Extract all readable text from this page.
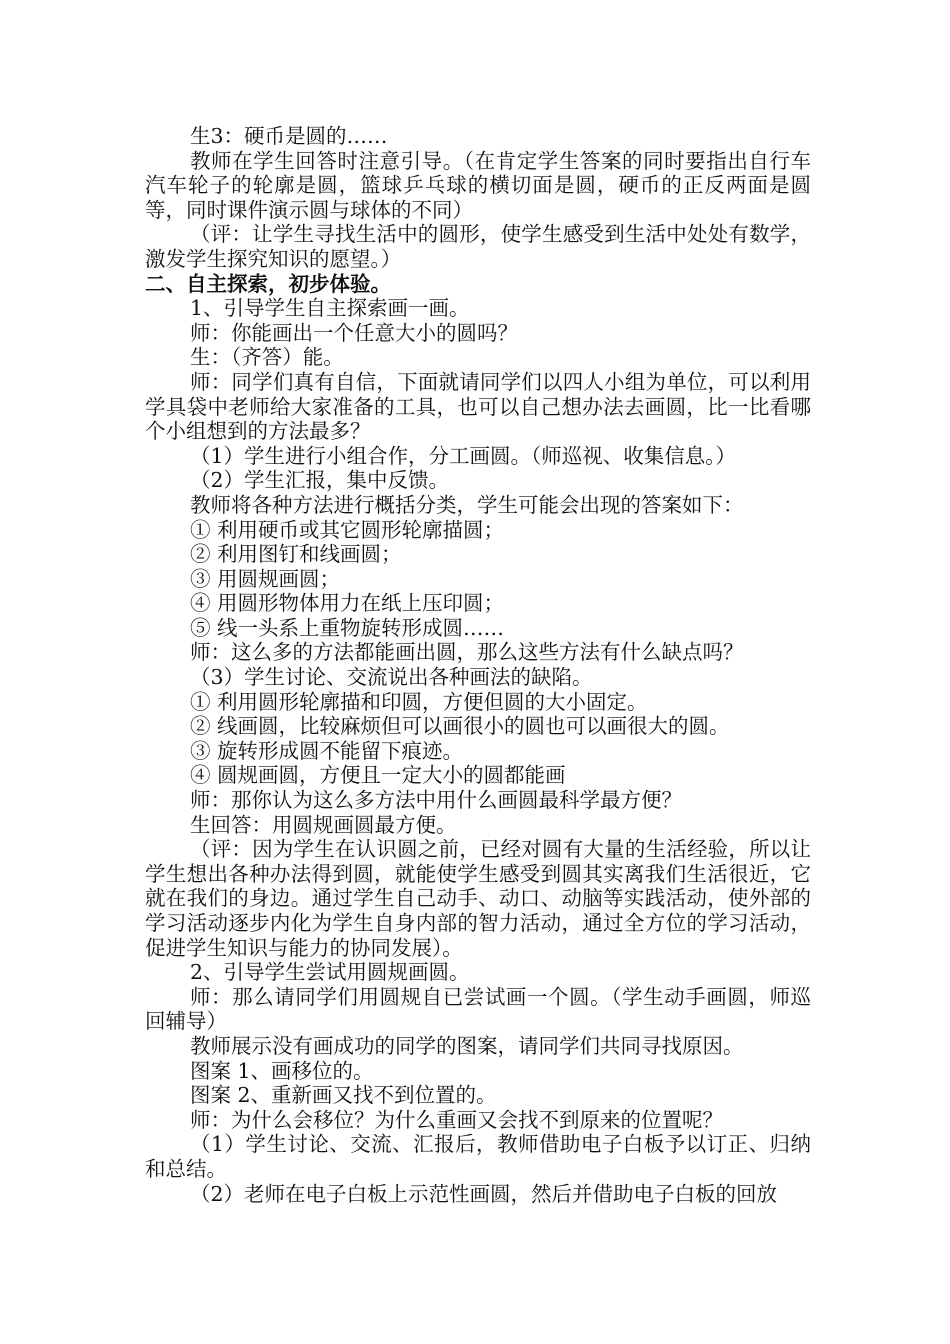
生3：硬币是圆的……

教师在学生回答时注意引导。（在肯定学生答案的同时要指出自行车汽车轮子的轮廓是圆，篮球乒乓球的横切面是圆，硬币的正反两面是圆等，同时课件演示圆与球体的不同）

（评：让学生寻找生活中的圆形，使学生感受到生活中处处有数学，激发学生探究知识的愿望。）

二、自主探索，初步体验。

1、引导学生自主探索画一画。

师：你能画出一个任意大小的圆吗？

生：（齐答）能。

师：同学们真有自信，下面就请同学们以四人小组为单位，可以利用学具袋中老师给大家准备的工具，也可以自己想办法去画圆，比一比看哪个小组想到的方法最多？

（1）学生进行小组合作，分工画圆。（师巡视、收集信息。）

（2）学生汇报，集中反馈。

教师将各种方法进行概括分类，学生可能会出现的答案如下：

① 利用硬币或其它圆形轮廓描圆；

② 利用图钉和线画圆；

③ 用圆规画圆；

④ 用圆形物体用力在纸上压印圆；

⑤ 线一头系上重物旋转形成圆……

师：这么多的方法都能画出圆，那么这些方法有什么缺点吗？

（3）学生讨论、交流说出各种画法的缺陷。

① 利用圆形轮廓描和印圆，方便但圆的大小固定。

② 线画圆，比较麻烦但可以画很小的圆也可以画很大的圆。

③ 旋转形成圆不能留下痕迹。

④ 圆规画圆，方便且一定大小的圆都能画

师：那你认为这么多方法中用什么画圆最科学最方便？

生回答：用圆规画圆最方便。

（评：因为学生在认识圆之前，已经对圆有大量的生活经验，所以让学生想出各种办法得到圆，就能使学生感受到圆其实离我们生活很近，它就在我们的身边。通过学生自己动手、动口、动脑等实践活动，使外部的学习活动逐步内化为学生自身内部的智力活动，通过全方位的学习活动，促进学生知识与能力的协同发展）。

2、引导学生尝试用圆规画圆。

师：那么请同学们用圆规自已尝试画一个圆。（学生动手画圆，师巡回辅导）

教师展示没有画成功的同学的图案，请同学们共同寻找原因。

图案 1、画移位的。

图案 2、重新画又找不到位置的。

师：为什么会移位？为什么重画又会找不到原来的位置呢？

（1）学生讨论、交流、汇报后，教师借助电子白板予以订正、归纳和总结。

（2）老师在电子白板上示范性画圆，然后并借助电子白板的回放
